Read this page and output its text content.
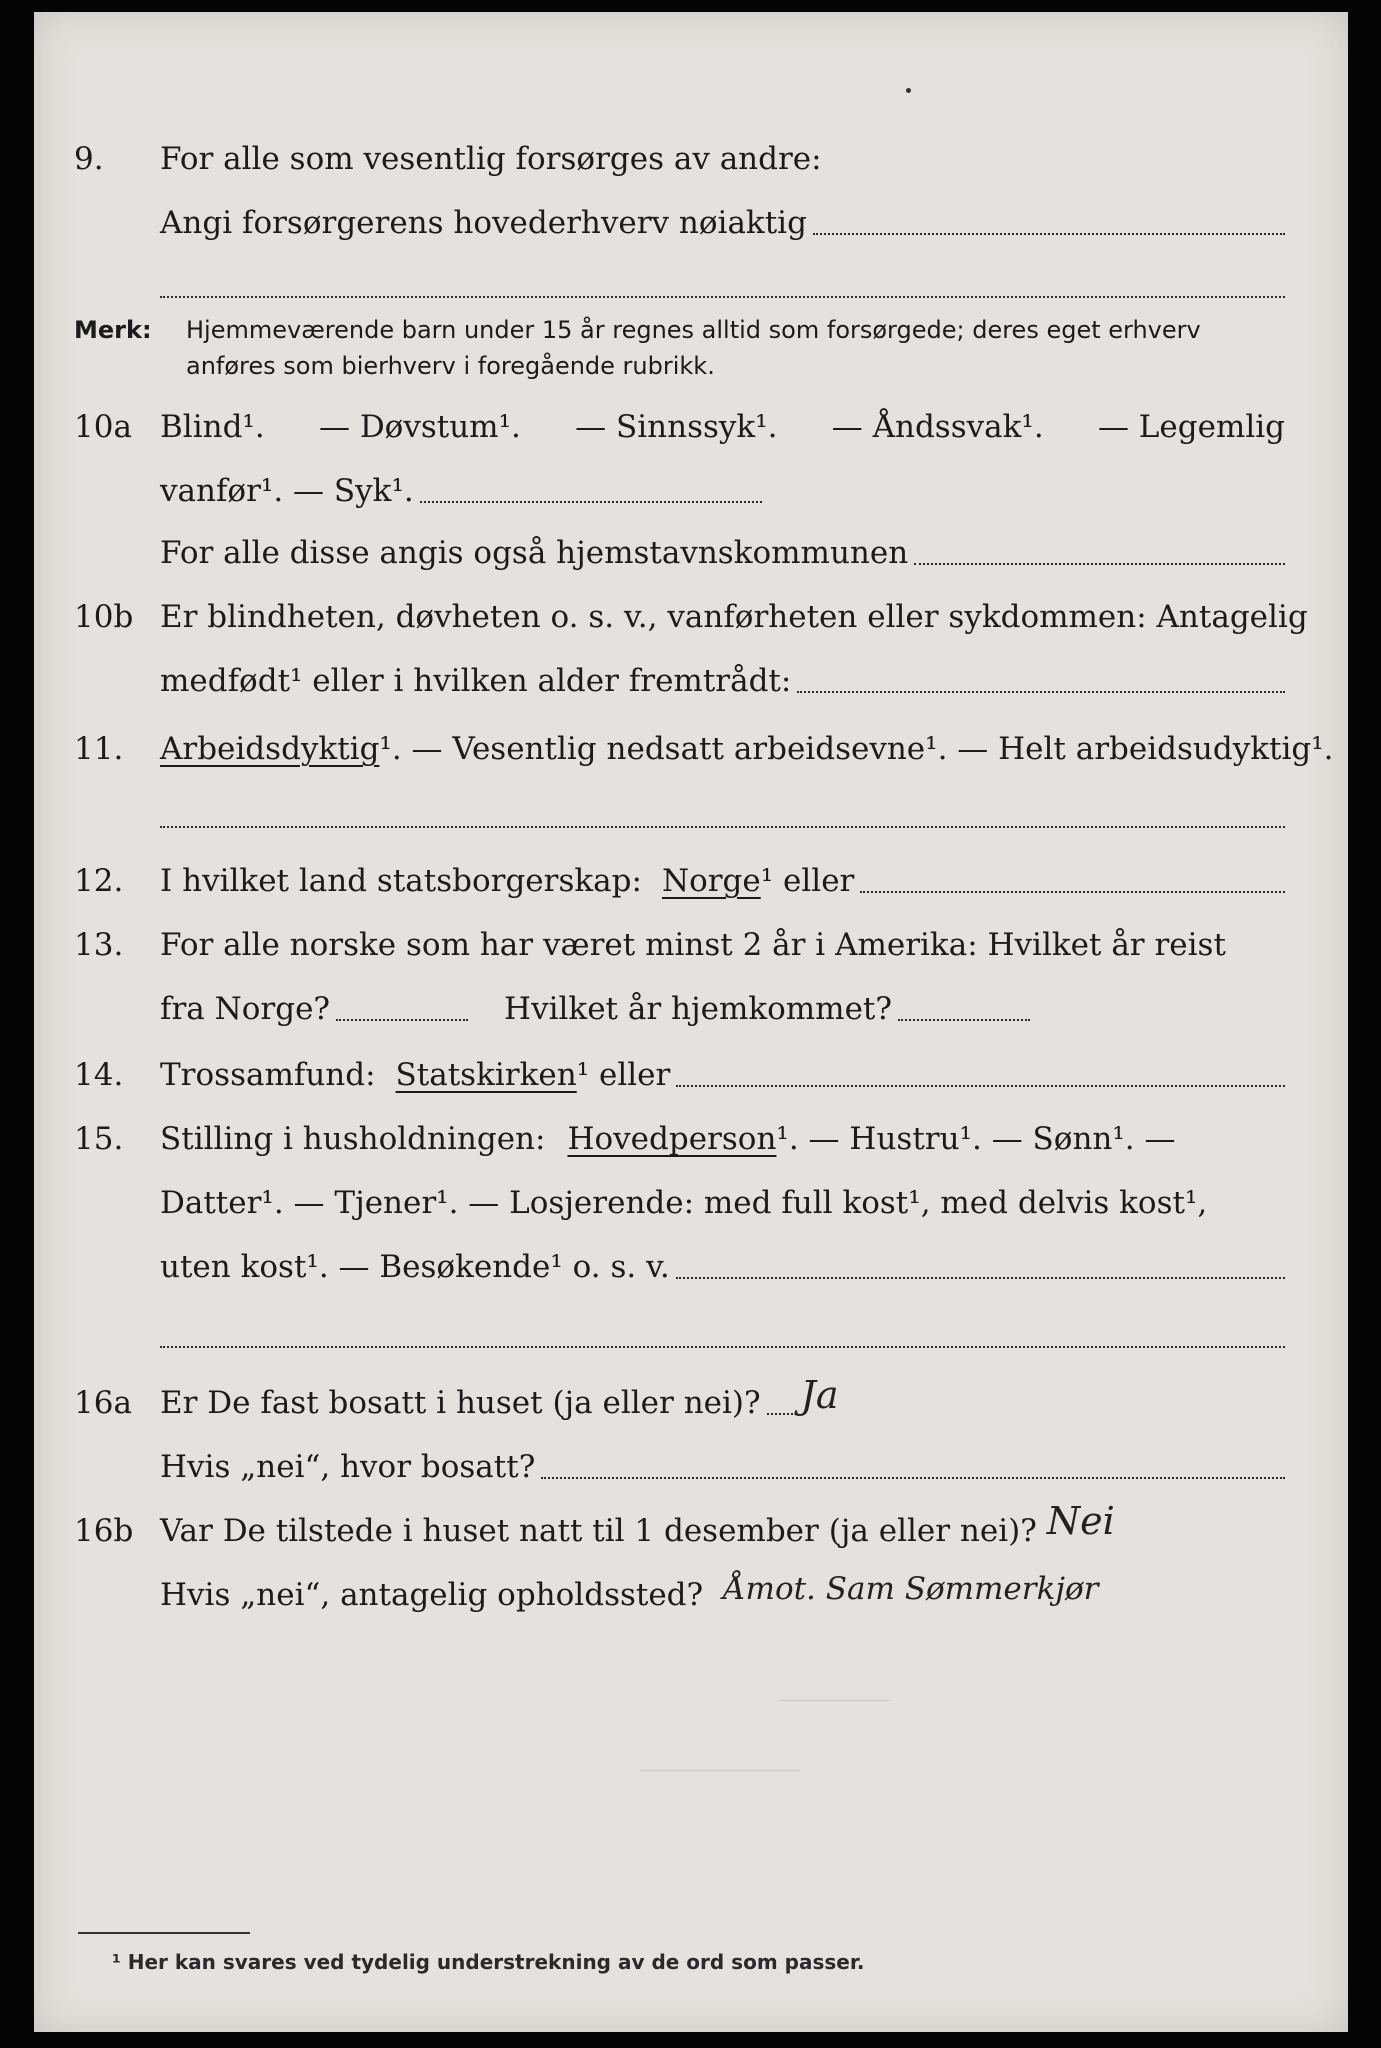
9.	For alle som vesentlig forsørges av andre:
Angi forsørgerens hovederhverv nøiaktig
Merk: Hjemmeværende barn under 15 år regnes alltid som forsørgede; deres eget erhverv
anføres som bierhverv i foregående rubrikk.
10a Blind¹. — Døvstum¹. — Sinnssyk¹. — Åndssvak¹. — Legemlig
vanfør¹. — Syk¹.
For alle disse angis også hjemstavnskommunen
10b Er blindheten, døvheten o. s. v., vanførheten eller sykdommen: Antagelig
medfødt¹ eller i hvilken alder fremtrådt:
11.	Arbeidsdyktig ¹. — Vesentlig nedsatt arbeidsevne¹. — Helt arbeidsudyktig¹.
12.	I hvilket land statsborgerskap: Norge ¹ eller
13.	For alle norske som har været minst 2 år i Amerika: Hvilket år reist
fra Norge?	Hvilket år hjemkommet?
14.	Trossamfund: Statskirken ¹ eller
15.	Stilling i husholdningen: Hovedperson ¹. — Hustru¹. — Sønn¹. —
Datter¹. — Tjener¹. — Losjerende: med full kost¹, med delvis kost¹,
uten kost¹. — Besøkende¹ o. s. v.
16a Er De fast bosatt i huset (ja eller nei)? Ja
Hvis „nei“, hvor bosatt?
16b Var De tilstede i huset natt til 1 desember (ja eller nei)? Nei
Hvis „nei“, antagelig opholdssted? Åmot. Sam Sømmerkjør
¹ Her kan svares ved tydelig understrekning av de ord som passer.
